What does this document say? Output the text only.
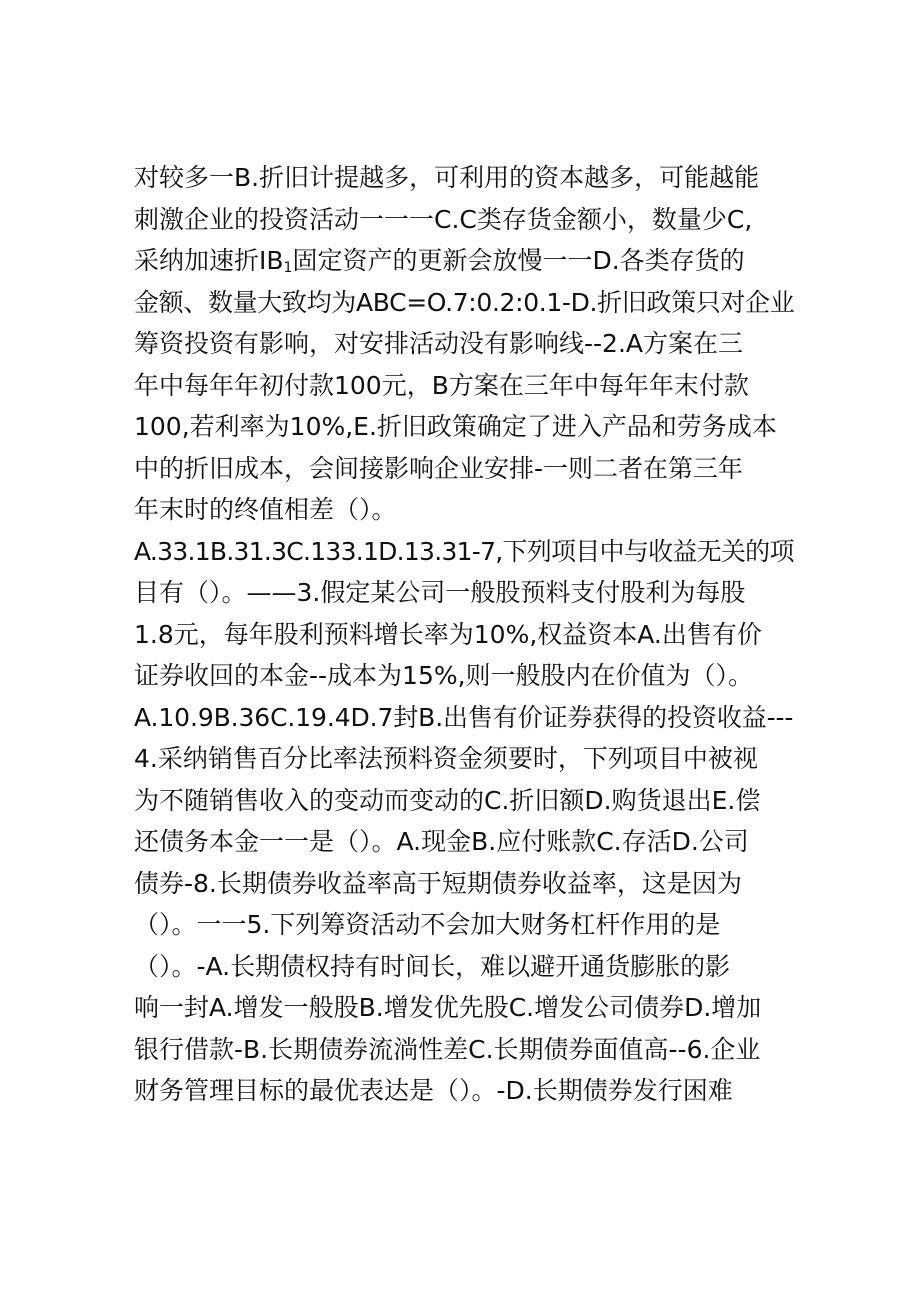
对较多一B.折旧计提越多，可利用的资本越多，可能越能
刺激企业的投资活动一一一C.C类存货金额小，数量少C,
采纳加速折$IB_1$固定资产的更新会放慢一一D.各类存货的
金额、数量大致均为ABC=O.7:0.2:0.1-D.折旧政策只对企业
筹资投资有影响，对安排活动没有影响线--2.A方案在三
年中每年年初付款100元，B方案在三年中每年年末付款
100,若利率为10%,E.折旧政策确定了进入产品和劳务成本
中的折旧成本，会间接影响企业安排-一则二者在第三年
年末时的终值相差（）。
A.33.1B.31.3C.133.1D.13.31-7,下列项目中与收益无关的项
目有（）。——3.假定某公司一般股预料支付股利为每股
1.8元，每年股利预料增长率为10%,权益资本A.出售有价
证券收回的本金--成本为15%,则一般股内在价值为（）。
A.10.9B.36C.19.4D.7封B.出售有价证券获得的投资收益---
4.采纳销售百分比率法预料资金须要时，下列项目中被视
为不随销售收入的变动而变动的C.折旧额D.购货退出E.偿
还债务本金一一是（）。A.现金B.应付账款C.存活D.公司
债券-8.长期债券收益率高于短期债券收益率，这是因为
（）。一一5.下列筹资活动不会加大财务杠杆作用的是
（）。-A.长期债权持有时间长，难以避开通货膨胀的影
响一封A.增发一般股B.增发优先股C.增发公司债券D.增加
银行借款-B.长期债券流淌性差C.长期债券面值高--6.企业
财务管理目标的最优表达是（）。-D.长期债券发行困难
